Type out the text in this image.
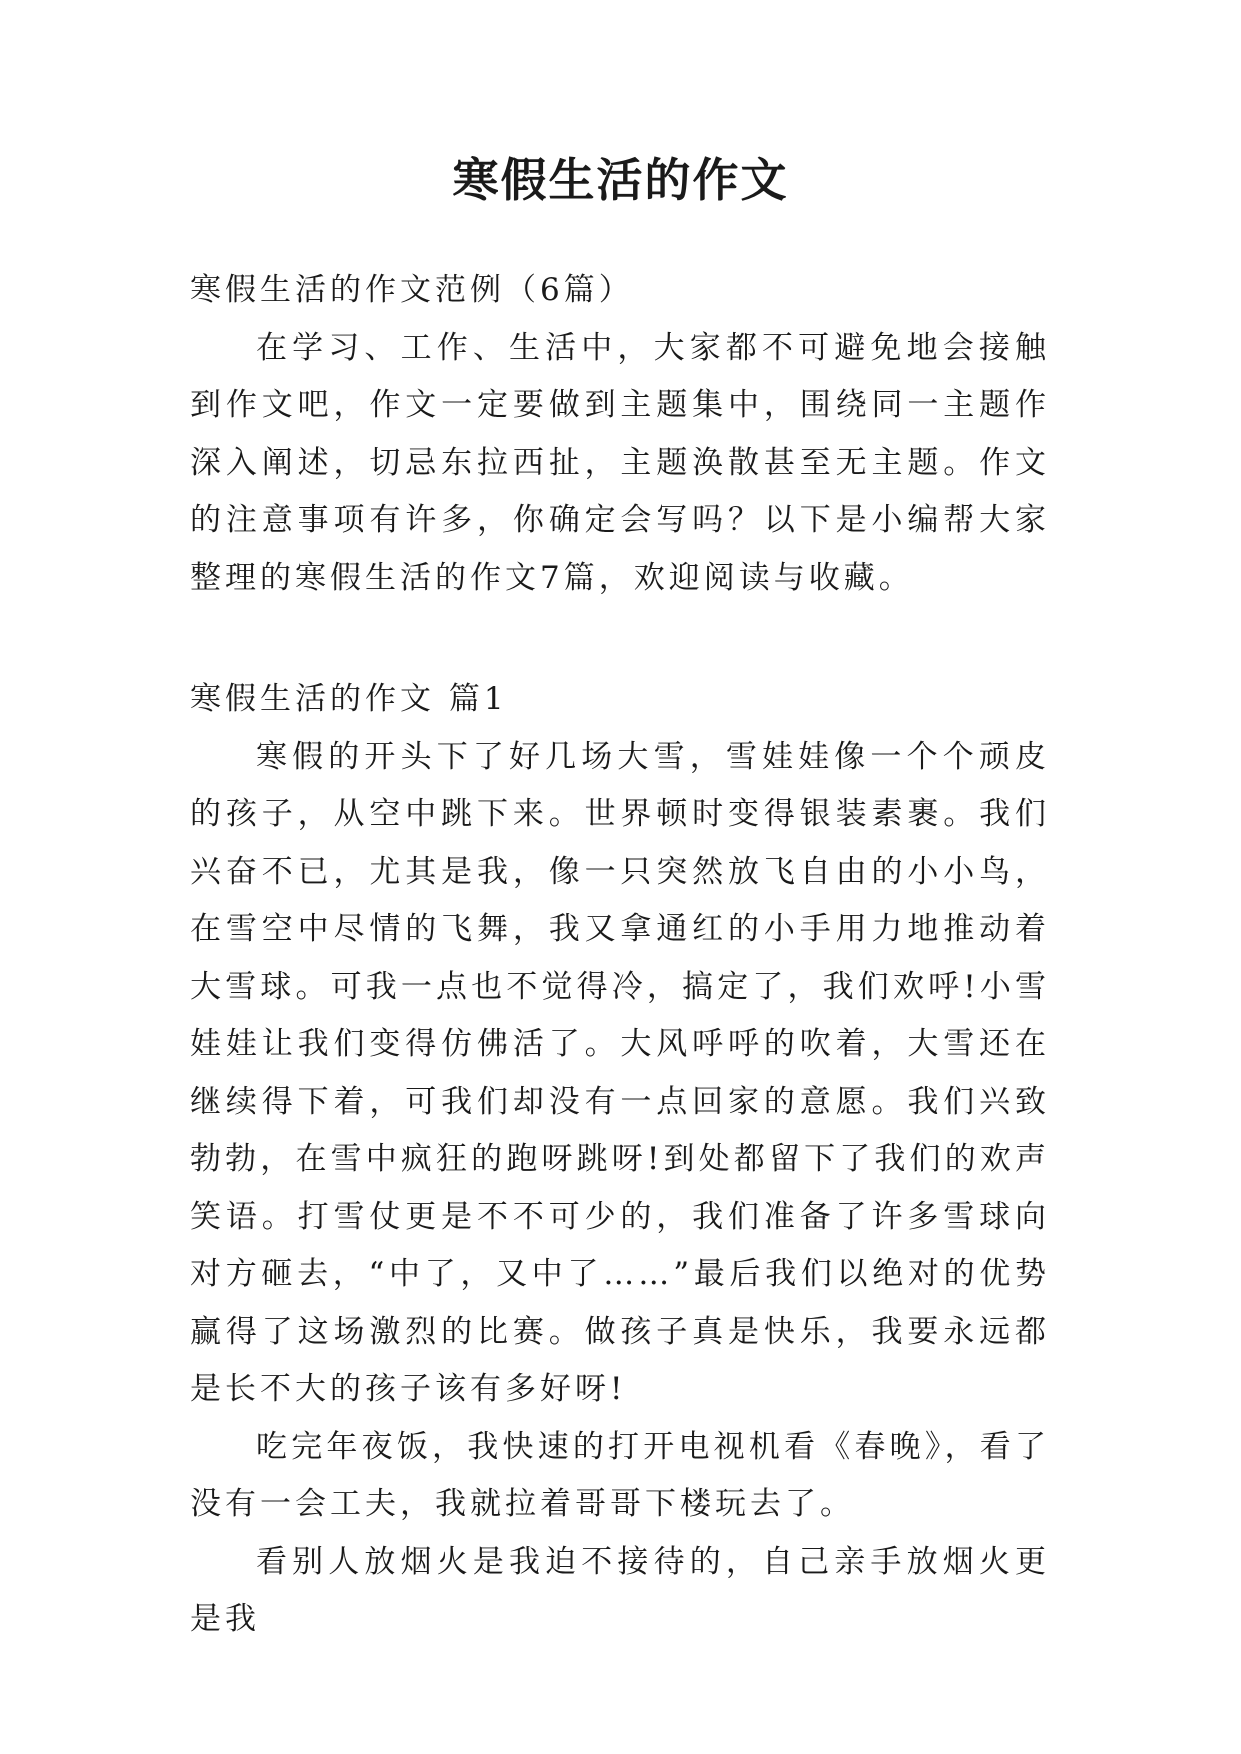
寒假生活的作文

寒假生活的作文范例（6篇）

在学习、工作、生活中，大家都不可避免地会接触到作文吧，作文一定要做到主题集中，围绕同一主题作深入阐述，切忌东拉西扯，主题涣散甚至无主题。作文的注意事项有许多，你确定会写吗？以下是小编帮大家整理的寒假生活的作文7篇，欢迎阅读与收藏。

寒假生活的作文 篇1

寒假的开头下了好几场大雪，雪娃娃像一个个顽皮的孩子，从空中跳下来。世界顿时变得银装素裹。我们兴奋不已，尤其是我，像一只突然放飞自由的小小鸟，在雪空中尽情的飞舞，我又拿通红的小手用力地推动着大雪球。可我一点也不觉得冷，搞定了，我们欢呼!小雪娃娃让我们变得仿佛活了。大风呼呼的吹着，大雪还在继续得下着，可我们却没有一点回家的意愿。我们兴致勃勃，在雪中疯狂的跑呀跳呀!到处都留下了我们的欢声笑语。打雪仗更是不不可少的，我们准备了许多雪球向对方砸去，“中了，又中了……”最后我们以绝对的优势赢得了这场激烈的比赛。做孩子真是快乐，我要永远都是长不大的孩子该有多好呀!

吃完年夜饭，我快速的打开电视机看《春晚》，看了没有一会工夫，我就拉着哥哥下楼玩去了。

看别人放烟火是我迫不接待的，自己亲手放烟火更是我
